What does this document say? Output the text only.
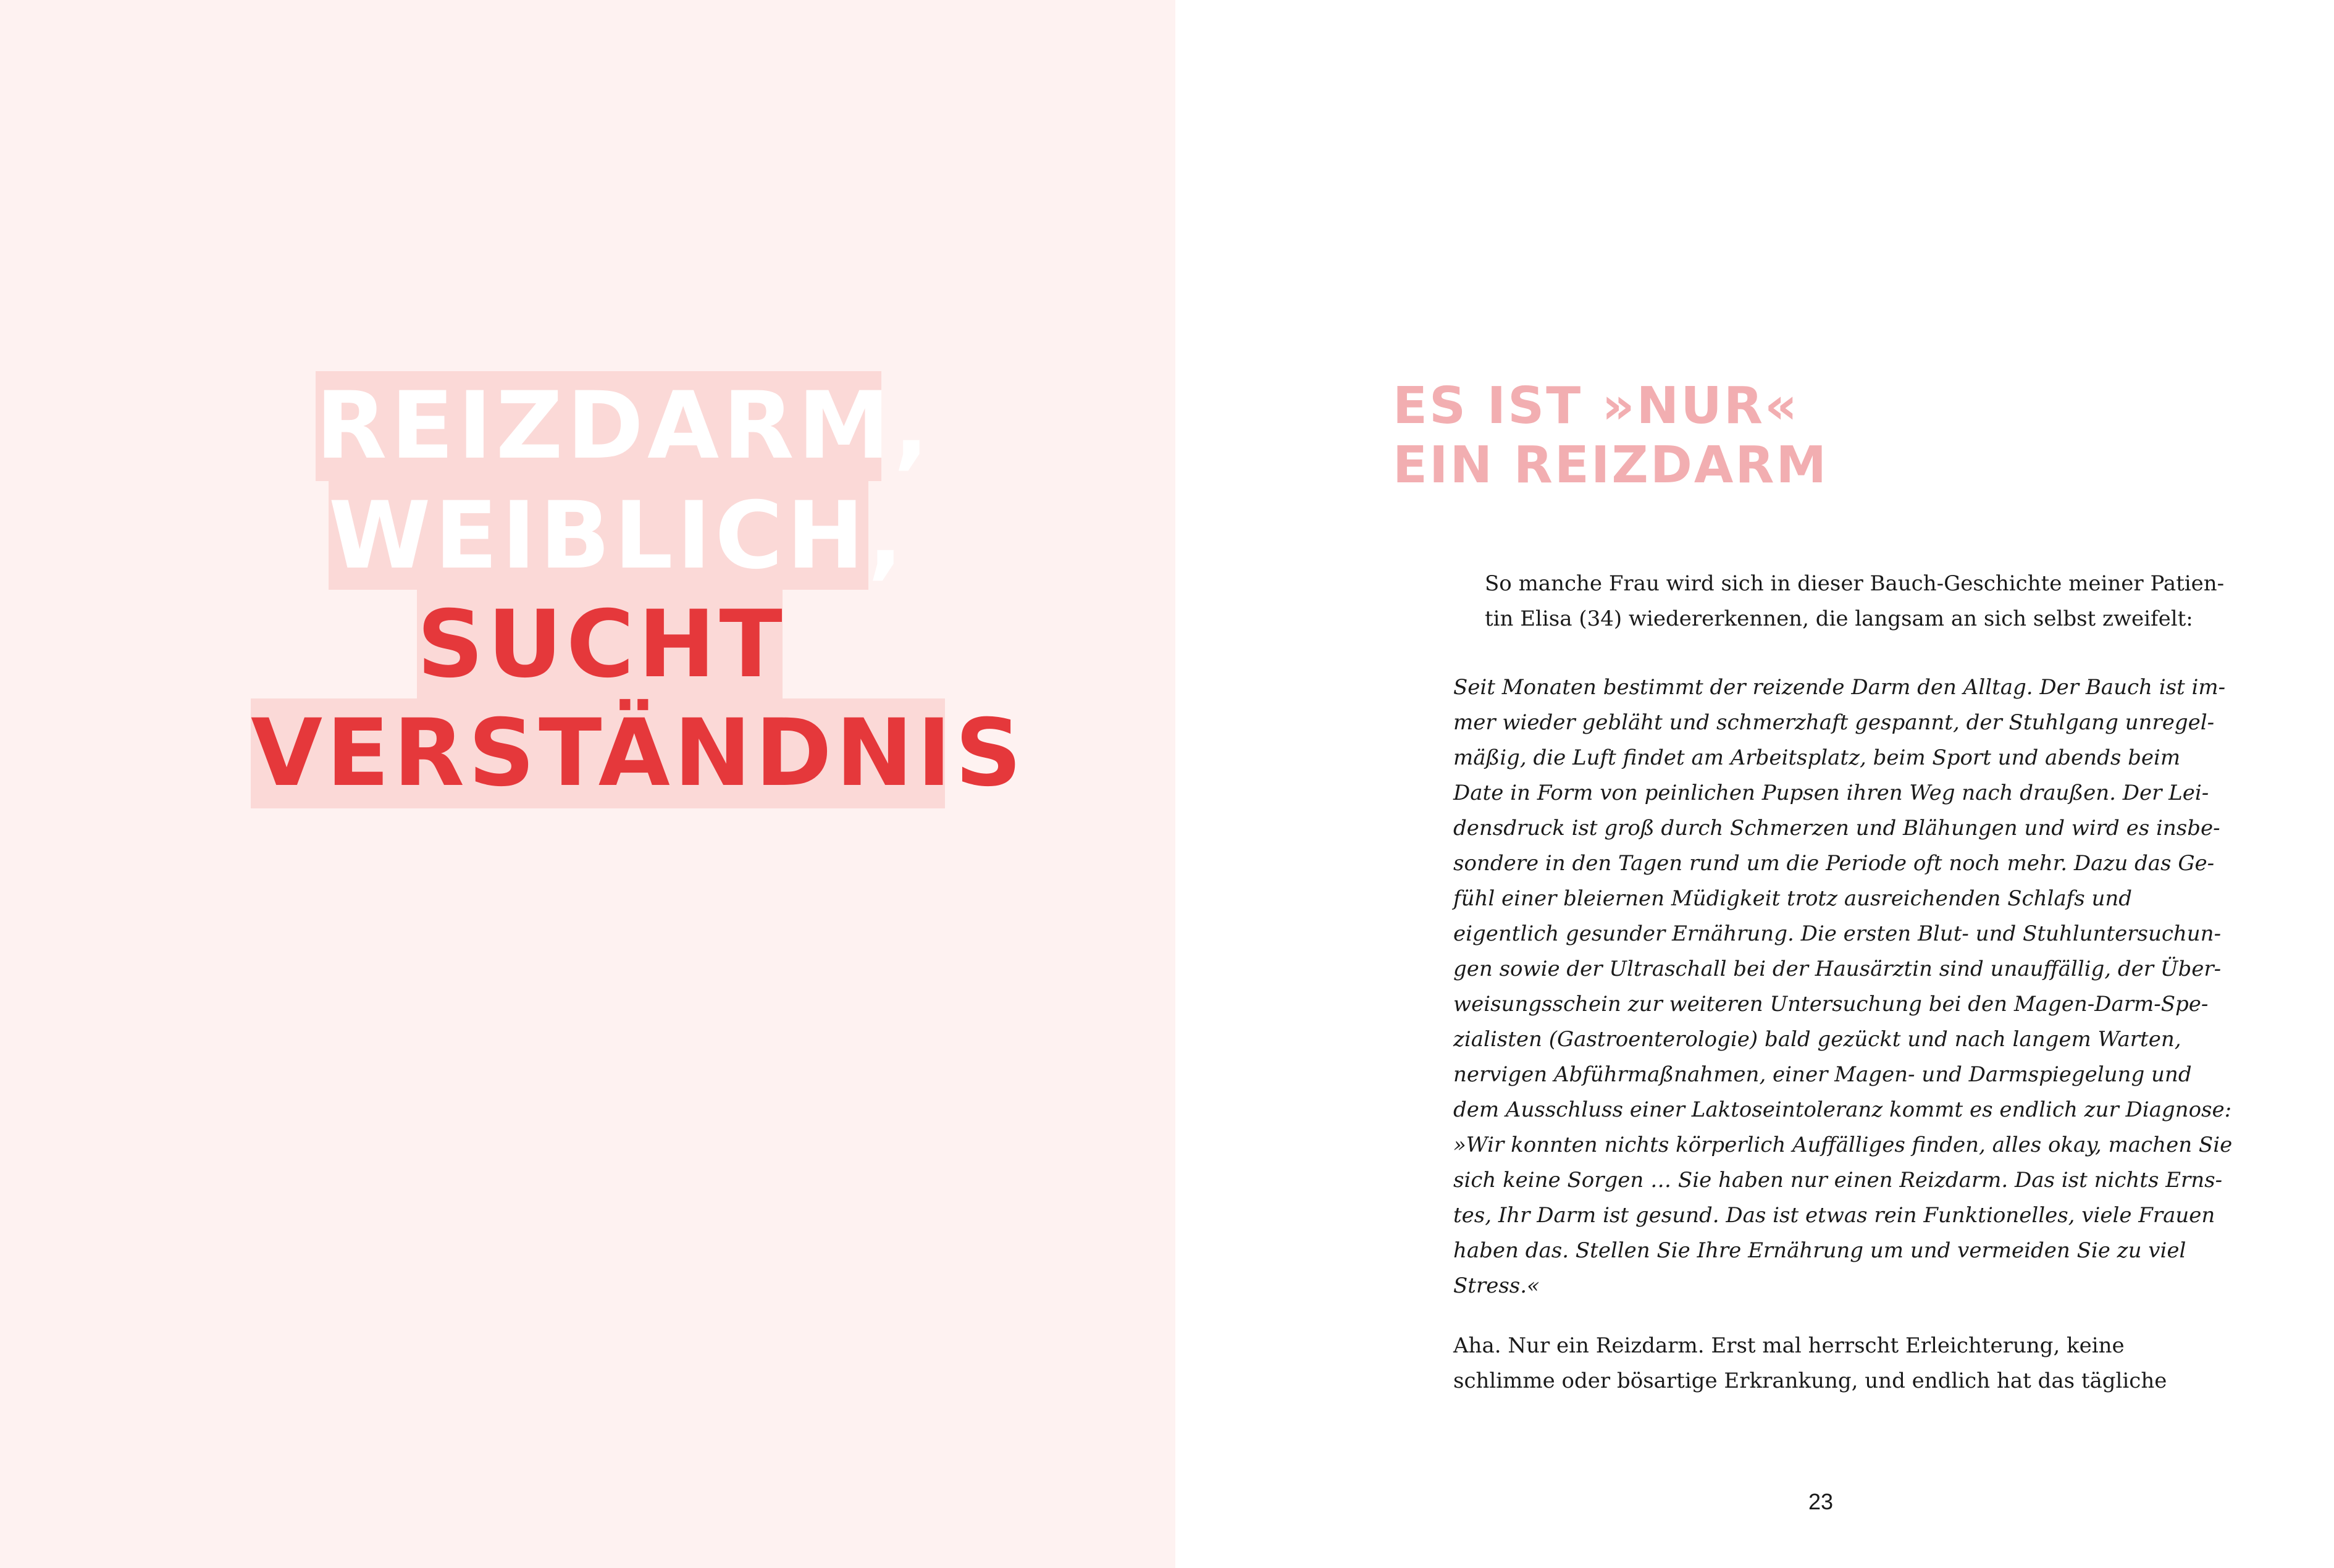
REIZDARM,
WEIBLICH,
SUCHT
VERSTÄNDNIS
ES IST »NUR«
EIN REIZDARM
So manche Frau wird sich in dieser Bauch-Geschichte meiner Patien-
tin Elisa (34) wiedererkennen, die langsam an sich selbst zweifelt:
Seit Monaten bestimmt der reizende Darm den Alltag. Der Bauch ist im-
mer wieder gebläht und schmerzhaft gespannt, der Stuhlgang unregel-
mäßig, die Luft findet am Arbeitsplatz, beim Sport und abends beim
Date in Form von peinlichen Pupsen ihren Weg nach draußen. Der Lei-
densdruck ist groß durch Schmerzen und Blähungen und wird es insbe-
sondere in den Tagen rund um die Periode oft noch mehr. Dazu das Ge-
fühl einer bleiernen Müdigkeit trotz ausreichenden Schlafs und
eigentlich gesunder Ernährung. Die ersten Blut- und Stuhluntersuchun-
gen sowie der Ultraschall bei der Hausärztin sind unauffällig, der Über-
weisungsschein zur weiteren Untersuchung bei den Magen-Darm-Spe-
zialisten (Gastroenterologie) bald gezückt und nach langem Warten,
nervigen Abführmaßnahmen, einer Magen- und Darmspiegelung und
dem Ausschluss einer Laktoseintoleranz kommt es endlich zur Diagnose:
»Wir konnten nichts körperlich Auffälliges finden, alles okay, machen Sie
sich keine Sorgen … Sie haben nur einen Reizdarm. Das ist nichts Erns-
tes, Ihr Darm ist gesund. Das ist etwas rein Funktionelles, viele Frauen
haben das. Stellen Sie Ihre Ernährung um und vermeiden Sie zu viel
Stress.«
Aha. Nur ein Reizdarm. Erst mal herrscht Erleichterung, keine
schlimme oder bösartige Erkrankung, und endlich hat das tägliche
23
